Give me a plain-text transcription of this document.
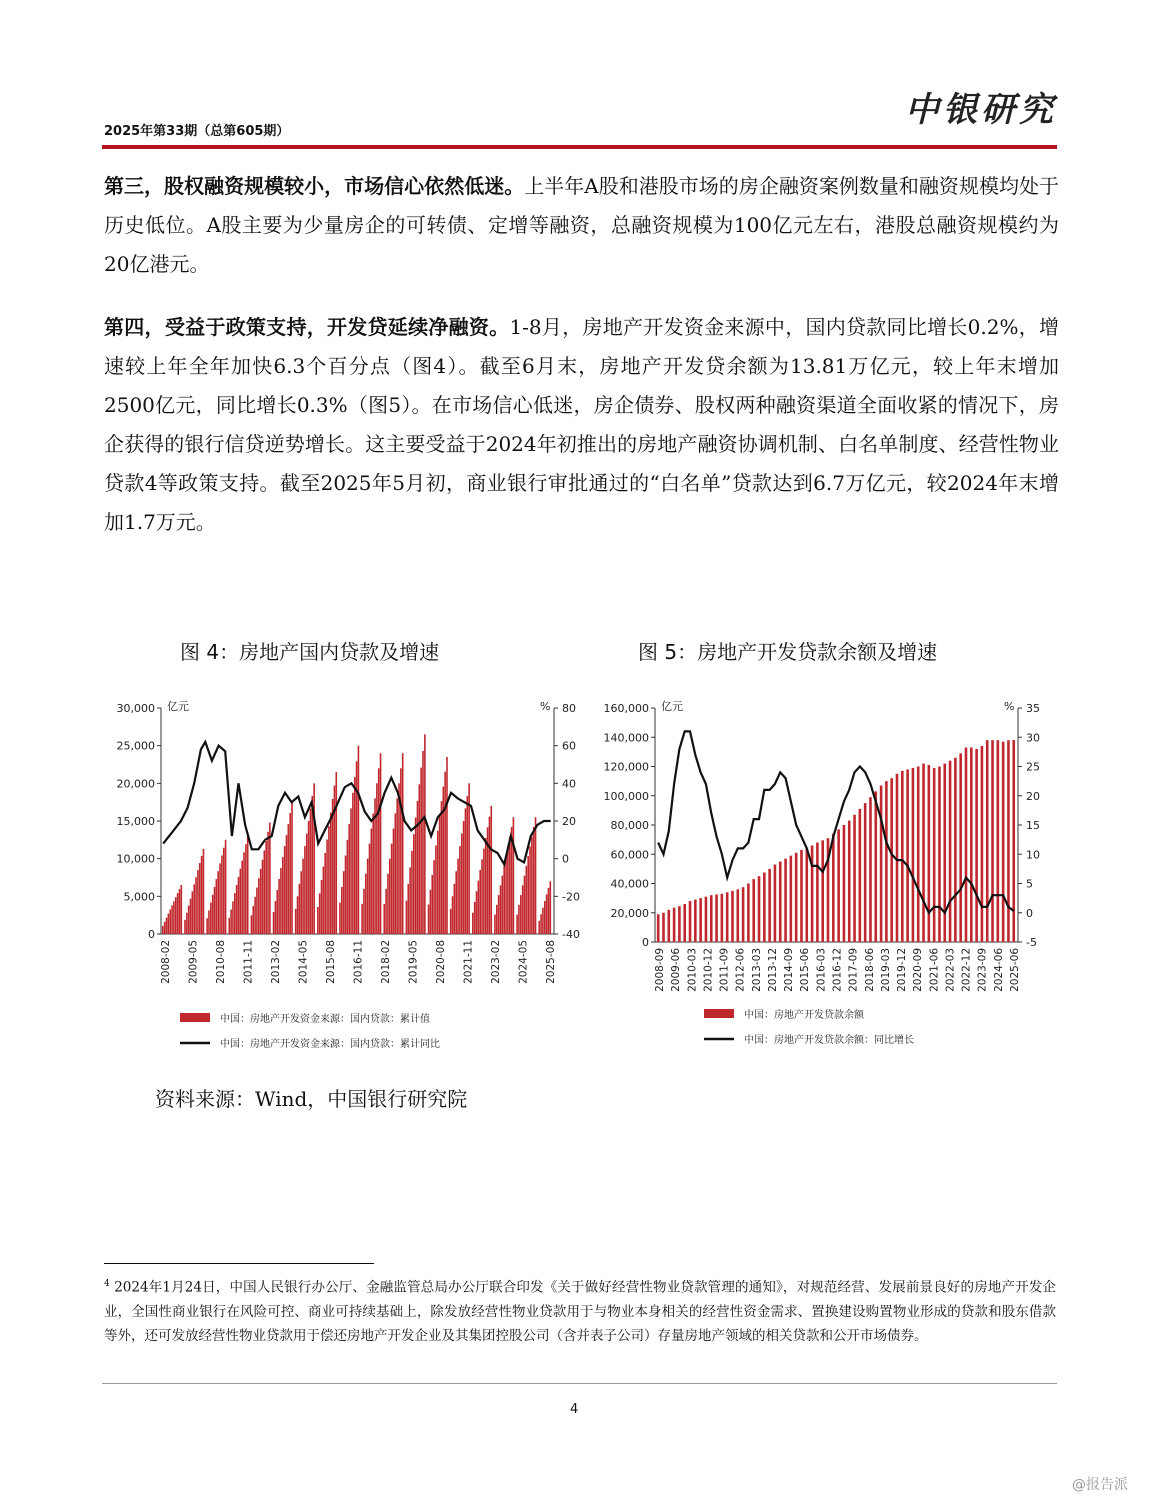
2025年第33期（总第605期）
中银研究
第三，股权融资规模较小，市场信心依然低迷。上半年A股和港股市场的房企融资案例数量和融资规模均处于历史低位。A股主要为少量房企的可转债、定增等融资，总融资规模为100亿元左右，港股总融资规模约为20亿港元。
第四，受益于政策支持，开发贷延续净融资。1-8月，房地产开发资金来源中，国内贷款同比增长0.2%，增速较上年全年加快6.3个百分点（图4）。截至6月末，房地产开发贷余额为13.81万亿元，较上年末增加2500亿元，同比增长0.3%（图5）。在市场信心低迷，房企债券、股权两种融资渠道全面收紧的情况下，房企获得的银行信贷逆势增长。这主要受益于2024年初推出的房地产融资协调机制、白名单制度、经营性物业贷款4等政策支持。截至2025年5月初，商业银行审批通过的“白名单”贷款达到6.7万亿元，较2024年末增加1.7万元。
图 4：房地产国内贷款及增速	图 5：房地产开发贷款余额及增速
30,000
25,000
20,000
15,000
10,000
5,000
0
80
60
40
20
0
-20
-40
亿元	%
2008-02 2009-05 2010-08 2011-11 2013-02 2014-05 2015-08 2016-11 2018-02 2019-05 2020-08 2021-11 2023-02 2024-05 2025-08
中国：房地产开发资金来源：国内贷款：累计值
中国：房地产开发资金来源：国内贷款：累计同比
160,000
140,000
120,000
100,000
80,000
60,000
40,000
20,000
0
35
30
25
20
15
10
5
0
-5
亿元	%
2008-09 2009-06 2010-03 2010-12 2011-09 2012-06 2013-03 2013-12 2014-09 2015-06 2016-03 2016-12 2017-09 2018-06 2019-03 2019-12 2020-09 2021-06 2022-03 2022-12 2023-09 2024-06 2025-06
中国：房地产开发贷款余额
中国：房地产开发贷款余额：同比增长
资料来源：Wind，中国银行研究院
$^4$ 2024年1月24日，中国人民银行办公厅、金融监管总局办公厅联合印发《关于做好经营性物业贷款管理的通知》，对规范经营、发展前景良好的房地产开发企业，全国性商业银行在风险可控、商业可持续基础上，除发放经营性物业贷款用于与物业本身相关的经营性资金需求、置换建设购置物业形成的贷款和股东借款等外，还可发放经营性物业贷款用于偿还房地产开发企业及其集团控股公司（含并表子公司）存量房地产领域的相关贷款和公开市场债券。
4
@报告派
